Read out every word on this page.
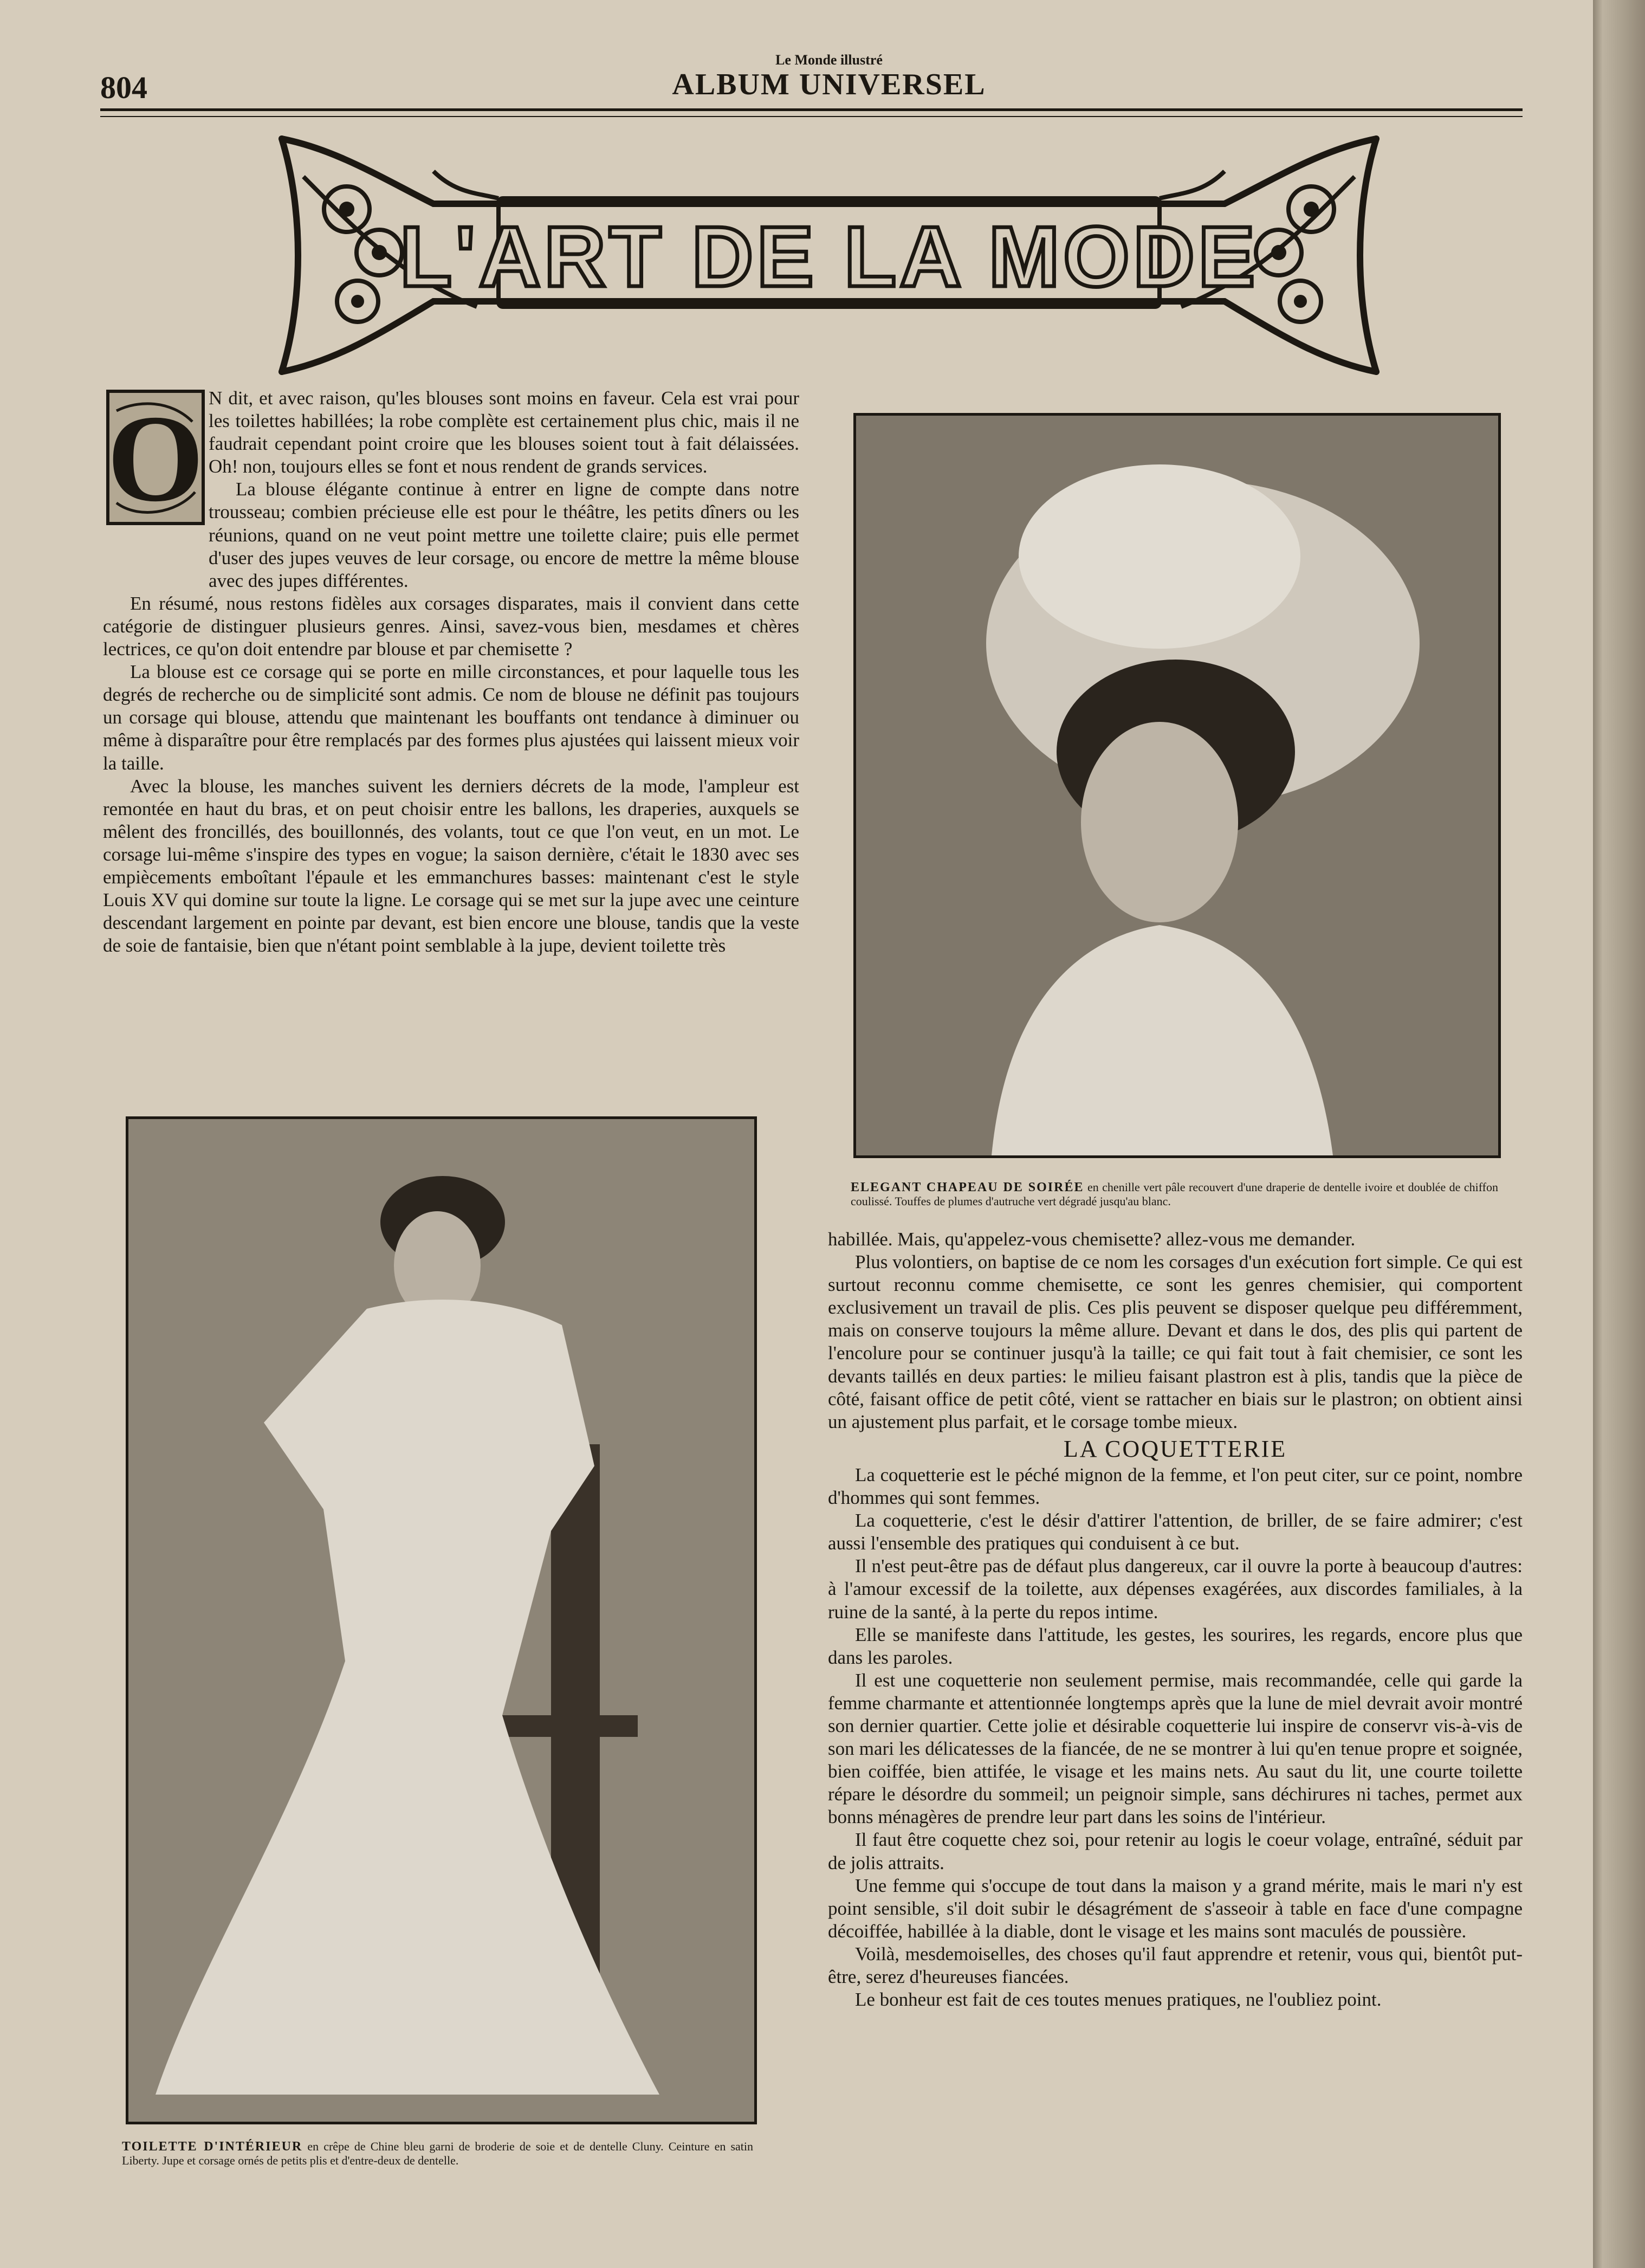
Le Monde illustré
804	ALBUM UNIVERSEL
L'ART DE LA MODE
O N dit, et avec raison, qu'les blouses sont moins en faveur. Cela est vrai pour les toilettes habillées; la robe complète est certainement plus chic, mais il ne faudrait cependant point croire que les blouses soient tout à fait délaissées. Oh! non, toujours elles se font et nous rendent de grands services.

La blouse élégante continue à entrer en ligne de compte dans notre trousseau; combien précieuse elle est pour le théâtre, les petits dîners ou les réunions, quand on ne veut point mettre une toilette claire; puis elle permet d'user des jupes veuves de leur corsage, ou encore de mettre la même blouse avec des jupes différentes.

En résumé, nous restons fidèles aux corsages disparates, mais il convient dans cette catégorie de distinguer plusieurs genres. Ainsi, savez-vous bien, mesdames et chères lectrices, ce qu'on doit entendre par blouse et par chemisette ?

La blouse est ce corsage qui se porte en mille circonstances, et pour laquelle tous les degrés de recherche ou de simplicité sont admis. Ce nom de blouse ne définit pas toujours un corsage qui blouse, attendu que maintenant les bouffants ont tendance à diminuer ou même à disparaître pour être remplacés par des formes plus ajustées qui laissent mieux voir la taille.

Avec la blouse, les manches suivent les derniers décrets de la mode, l'ampleur est remontée en haut du bras, et on peut choisir entre les ballons, les draperies, auxquels se mêlent des froncillés, des bouillonnés, des volants, tout ce que l'on veut, en un mot. Le corsage lui-même s'inspire des types en vogue; la saison dernière, c'était le 1830 avec ses empiècements emboîtant l'épaule et les emmanchures basses: maintenant c'est le style Louis XV qui domine sur toute la ligne. Le corsage qui se met sur la jupe avec une ceinture descendant largement en pointe par devant, est bien encore une blouse, tandis que la veste de soie de fantaisie, bien que n'étant point semblable à la jupe, devient toilette très

ELEGANT CHAPEAU DE SOIRÉE en chenille vert pâle recouvert d'une draperie de dentelle ivoire et doublée de chiffon coulissé. Touffes de plumes d'autruche vert dégradé jusqu'au blanc.
TOILETTE D'INTÉRIEUR en crêpe de Chine bleu garni de broderie de soie et de dentelle Cluny. Ceinture en satin Liberty. Jupe et corsage ornés de petits plis et d'entre-deux de dentelle.

habillée. Mais, qu'appelez-vous chemisette? allez-vous me demander.

Plus volontiers, on baptise de ce nom les corsages d'un exécution fort simple. Ce qui est surtout reconnu comme chemisette, ce sont les genres chemisier, qui comportent exclusivement un travail de plis. Ces plis peuvent se disposer quelque peu différemment, mais on conserve toujours la même allure. Devant et dans le dos, des plis qui partent de l'encolure pour se continuer jusqu'à la taille; ce qui fait tout à fait chemisier, ce sont les devants taillés en deux parties: le milieu faisant plastron est à plis, tandis que la pièce de côté, faisant office de petit côté, vient se rattacher en biais sur le plastron; on obtient ainsi un ajustement plus parfait, et le corsage tombe mieux.

LA COQUETTERIE

La coquetterie est le péché mignon de la femme, et l'on peut citer, sur ce point, nombre d'hommes qui sont femmes.

La coquetterie, c'est le désir d'attirer l'attention, de briller, de se faire admirer; c'est aussi l'ensemble des pratiques qui conduisent à ce but.

Il n'est peut-être pas de défaut plus dangereux, car il ouvre la porte à beaucoup d'autres: à l'amour excessif de la toilette, aux dépenses exagérées, aux discordes familiales, à la ruine de la santé, à la perte du repos intime.

Elle se manifeste dans l'attitude, les gestes, les sourires, les regards, encore plus que dans les paroles.

Il est une coquetterie non seulement permise, mais recommandée, celle qui garde la femme charmante et attentionnée longtemps après que la lune de miel devrait avoir montré son dernier quartier. Cette jolie et désirable coquetterie lui inspire de conservr vis-à-vis de son mari les délicatesses de la fiancée, de ne se montrer à lui qu'en tenue propre et soignée, bien coiffée, bien attifée, le visage et les mains nets. Au saut du lit, une courte toilette répare le désordre du sommeil; un peignoir simple, sans déchirures ni taches, permet aux bonns ménagères de prendre leur part dans les soins de l'intérieur.

Il faut être coquette chez soi, pour retenir au logis le coeur volage, entraîné, séduit par de jolis attraits.

Une femme qui s'occupe de tout dans la maison y a grand mérite, mais le mari n'y est point sensible, s'il doit subir le désagrément de s'asseoir à table en face d'une compagne décoiffée, habillée à la diable, dont le visage et les mains sont maculés de poussière.

Voilà, mesdemoiselles, des choses qu'il faut apprendre et retenir, vous qui, bientôt put-être, serez d'heureuses fiancées.

Le bonheur est fait de ces toutes menues pratiques, ne l'oubliez point.
